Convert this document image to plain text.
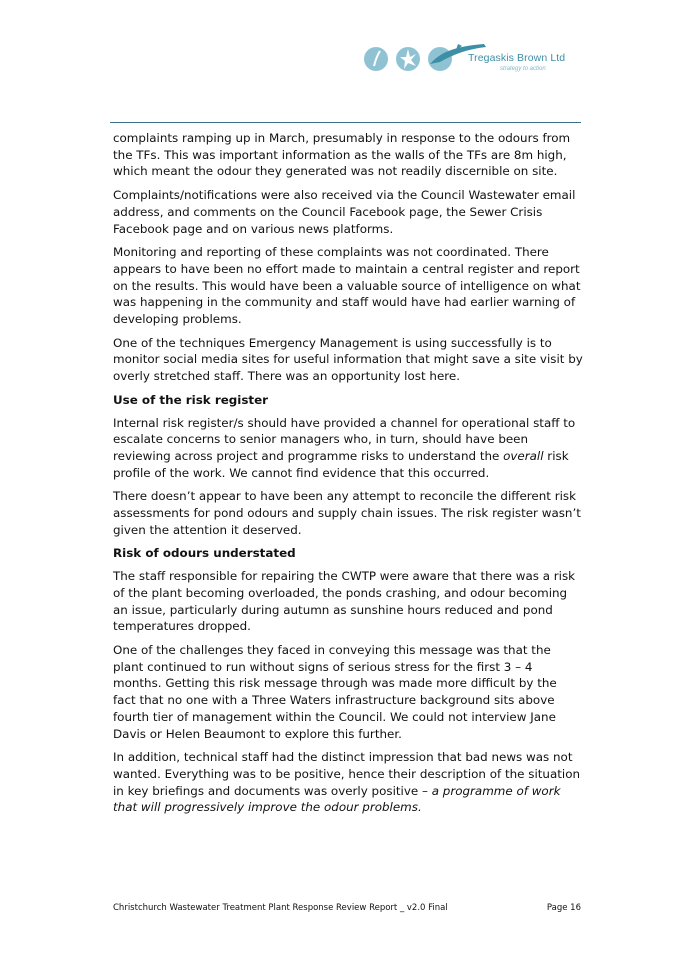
Tregaskis Brown Ltd
strategy to action

complaints ramping up in March, presumably in response to the odours from the TFs. This was important information as the walls of the TFs are 8m high, which meant the odour they generated was not readily discernible on site.

Complaints/notifications were also received via the Council Wastewater email address, and comments on the Council Facebook page, the Sewer Crisis Facebook page and on various news platforms.

Monitoring and reporting of these complaints was not coordinated. There appears to have been no effort made to maintain a central register and report on the results. This would have been a valuable source of intelligence on what was happening in the community and staff would have had earlier warning of developing problems.

One of the techniques Emergency Management is using successfully is to monitor social media sites for useful information that might save a site visit by overly stretched staff. There was an opportunity lost here.

Use of the risk register

Internal risk register/s should have provided a channel for operational staff to escalate concerns to senior managers who, in turn, should have been reviewing across project and programme risks to understand the overall risk profile of the work. We cannot find evidence that this occurred.

There doesn’t appear to have been any attempt to reconcile the different risk assessments for pond odours and supply chain issues. The risk register wasn’t given the attention it deserved.

Risk of odours understated

The staff responsible for repairing the CWTP were aware that there was a risk of the plant becoming overloaded, the ponds crashing, and odour becoming an issue, particularly during autumn as sunshine hours reduced and pond temperatures dropped.

One of the challenges they faced in conveying this message was that the plant continued to run without signs of serious stress for the first 3 – 4 months. Getting this risk message through was made more difficult by the fact that no one with a Three Waters infrastructure background sits above fourth tier of management within the Council. We could not interview Jane Davis or Helen Beaumont to explore this further.

In addition, technical staff had the distinct impression that bad news was not wanted. Everything was to be positive, hence their description of the situation in key briefings and documents was overly positive – a programme of work that will progressively improve the odour problems.

Christchurch Wastewater Treatment Plant Response Review Report _ v2.0 Final	Page 16
